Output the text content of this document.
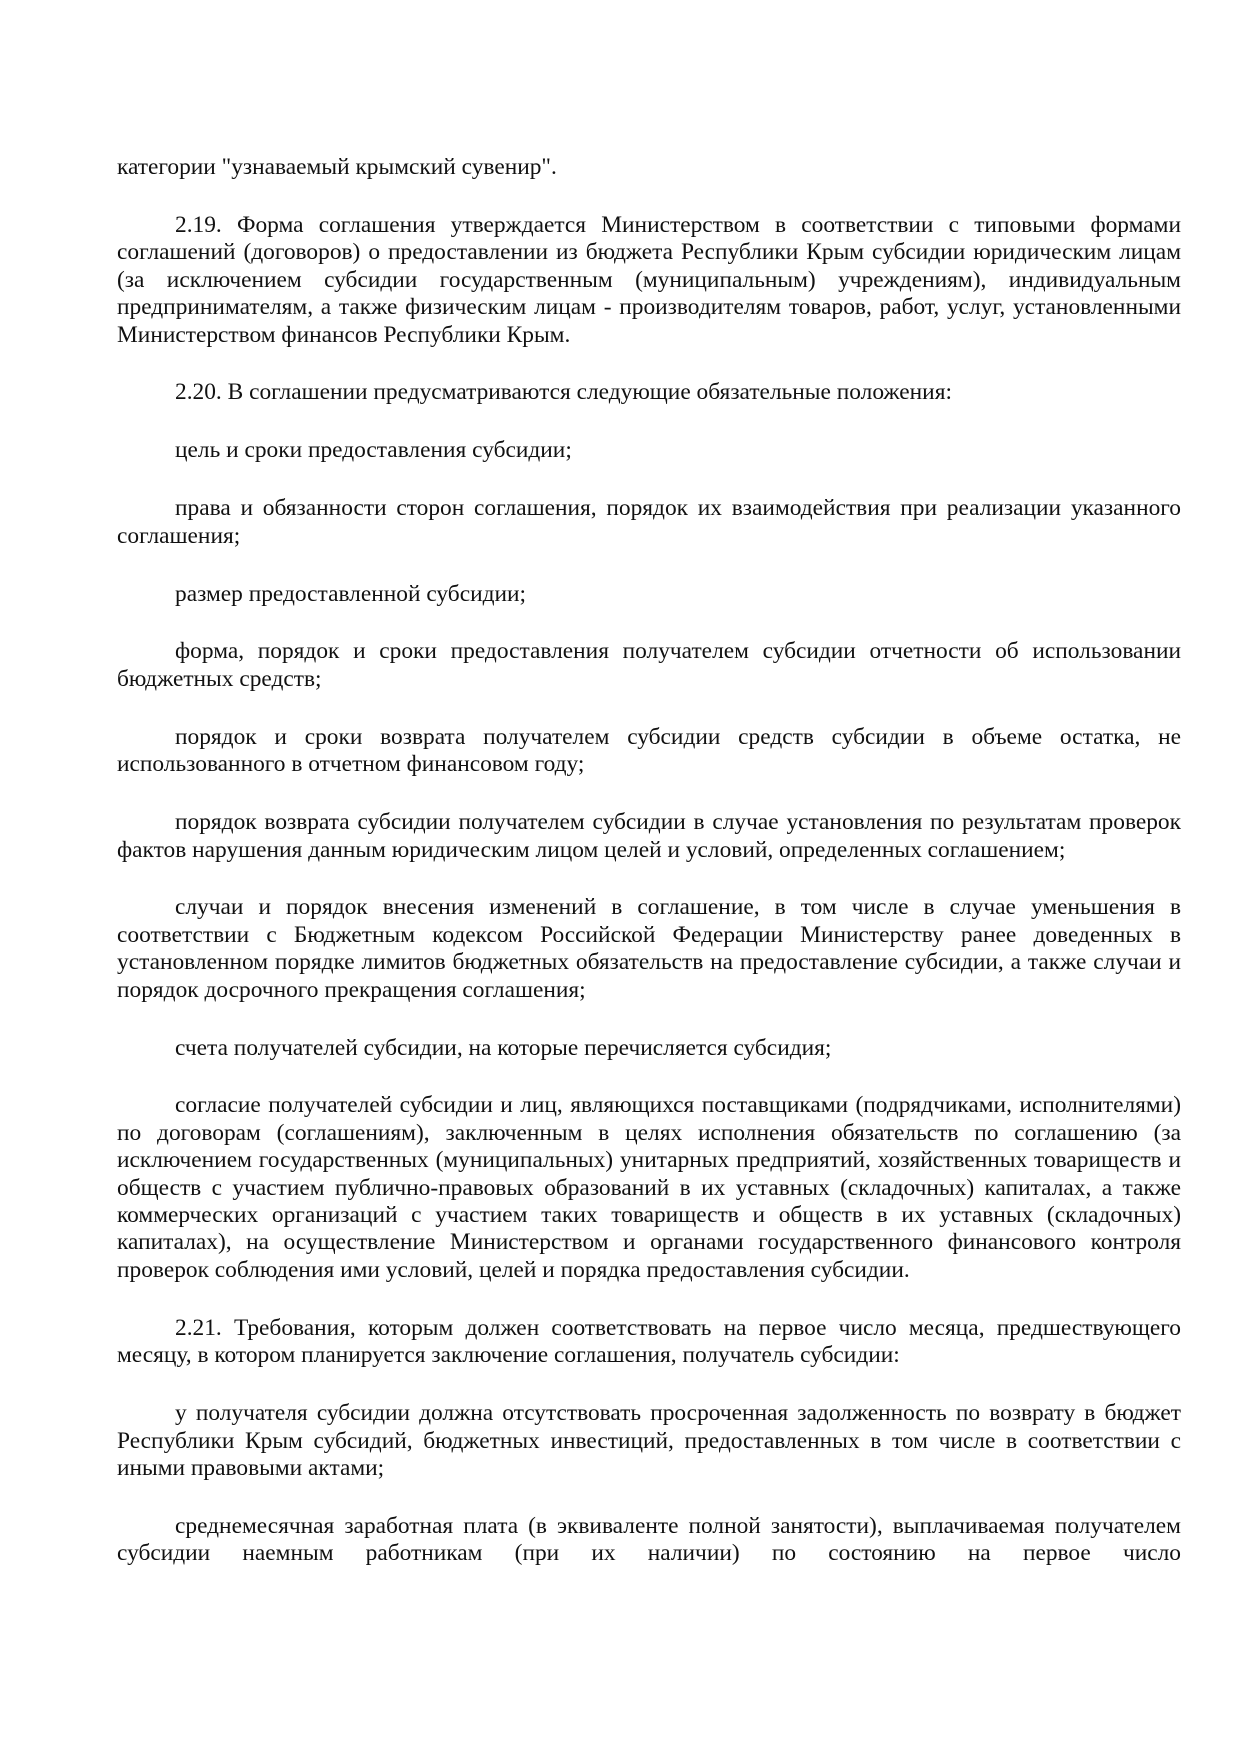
категории "узнаваемый крымский сувенир".

2.19. Форма соглашения утверждается Министерством в соответствии с типовыми формами соглашений (договоров) о предоставлении из бюджета Республики Крым субсидии юридическим лицам (за исключением субсидии государственным (муниципальным) учреждениям), индивидуальным предпринимателям, а также физическим лицам - производителям товаров, работ, услуг, установленными Министерством финансов Республики Крым.

2.20. В соглашении предусматриваются следующие обязательные положения:

цель и сроки предоставления субсидии;

права и обязанности сторон соглашения, порядок их взаимодействия при реализации указанного соглашения;

размер предоставленной субсидии;

форма, порядок и сроки предоставления получателем субсидии отчетности об использовании бюджетных средств;

порядок и сроки возврата получателем субсидии средств субсидии в объеме остатка, не использованного в отчетном финансовом году;

порядок возврата субсидии получателем субсидии в случае установления по результатам проверок фактов нарушения данным юридическим лицом целей и условий, определенных соглашением;

случаи и порядок внесения изменений в соглашение, в том числе в случае уменьшения в соответствии с Бюджетным кодексом Российской Федерации Министерству ранее доведенных в установленном порядке лимитов бюджетных обязательств на предоставление субсидии, а также случаи и порядок досрочного прекращения соглашения;

счета получателей субсидии, на которые перечисляется субсидия;

согласие получателей субсидии и лиц, являющихся поставщиками (подрядчиками, исполнителями) по договорам (соглашениям), заключенным в целях исполнения обязательств по соглашению (за исключением государственных (муниципальных) унитарных предприятий, хозяйственных товариществ и обществ с участием публично-правовых образований в их уставных (складочных) капиталах, а также коммерческих организаций с участием таких товариществ и обществ в их уставных (складочных) капиталах), на осуществление Министерством и органами государственного финансового контроля проверок соблюдения ими условий, целей и порядка предоставления субсидии.

2.21. Требования, которым должен соответствовать на первое число месяца, предшествующего месяцу, в котором планируется заключение соглашения, получатель субсидии:

у получателя субсидии должна отсутствовать просроченная задолженность по возврату в бюджет Республики Крым субсидий, бюджетных инвестиций, предоставленных в том числе в соответствии с иными правовыми актами;

среднемесячная заработная плата (в эквиваленте полной занятости), выплачиваемая получателем субсидии наемным работникам (при их наличии) по состоянию на первое число
